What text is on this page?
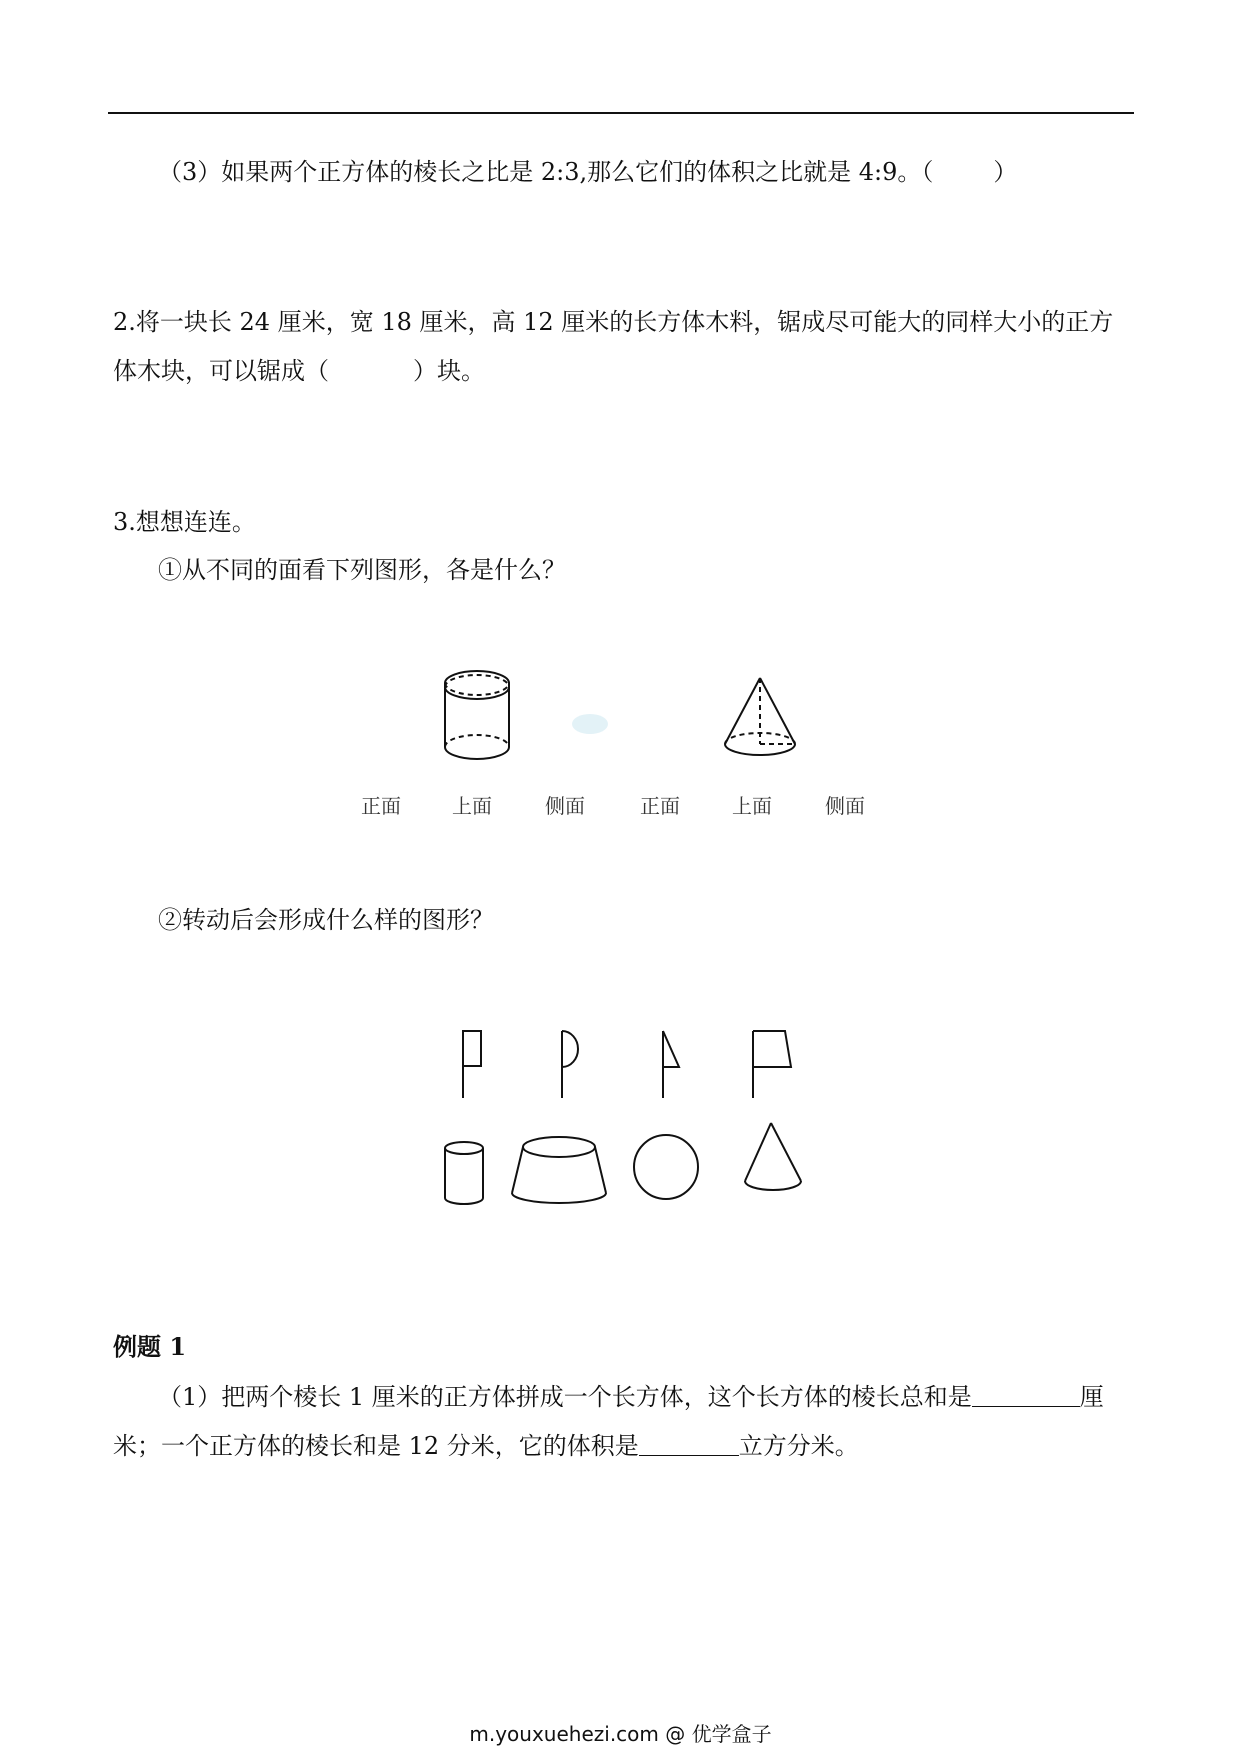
（3）如果两个正方体的棱长之比是 2:3,那么它们的体积之比就是 4:9。（	）
2.将一块长 24 厘米，宽 18 厘米，高 12 厘米的长方体木料，锯成尽可能大的同样大小的正方
体木块，可以锯成（	）块。
3.想想连连。
①从不同的面看下列图形，各是什么？
正面	上面	侧面	正面	上面	侧面
②转动后会形成什么样的图形？
例题 1
（1）把两个棱长 1 厘米的正方体拼成一个长方体，这个长方体的棱长总和是	厘
米；一个正方体的棱长和是 12 分米，它的体积是	立方分米。
m.youxuehezi.com @ 优学盒子
